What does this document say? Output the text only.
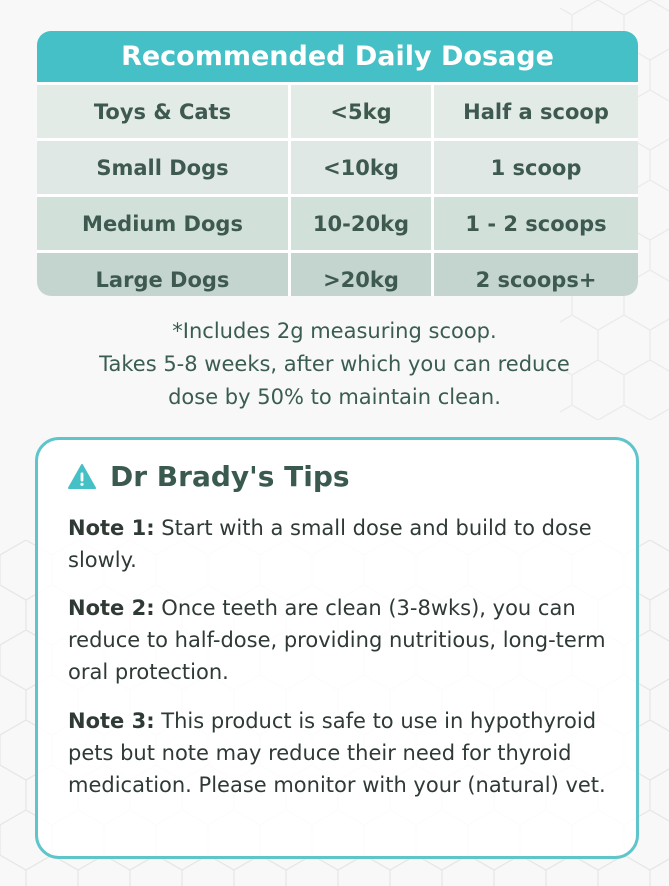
Recommended Daily Dosage
Toys & Cats	<5kg	Half a scoop
Small Dogs	<10kg	1 scoop
Medium Dogs	10-20kg	1 - 2 scoops
Large Dogs	>20kg	2 scoops+
*Includes 2g measuring scoop.
Takes 5-8 weeks, after which you can reduce
dose by 50% to maintain clean.
Dr Brady's Tips
Note 1: Start with a small dose and build to dose slowly.
Note 2: Once teeth are clean (3-8wks), you can reduce to half-dose, providing nutritious, long-term oral protection.
Note 3: This product is safe to use in hypothyroid pets but note may reduce their need for thyroid medication. Please monitor with your (natural) vet.
